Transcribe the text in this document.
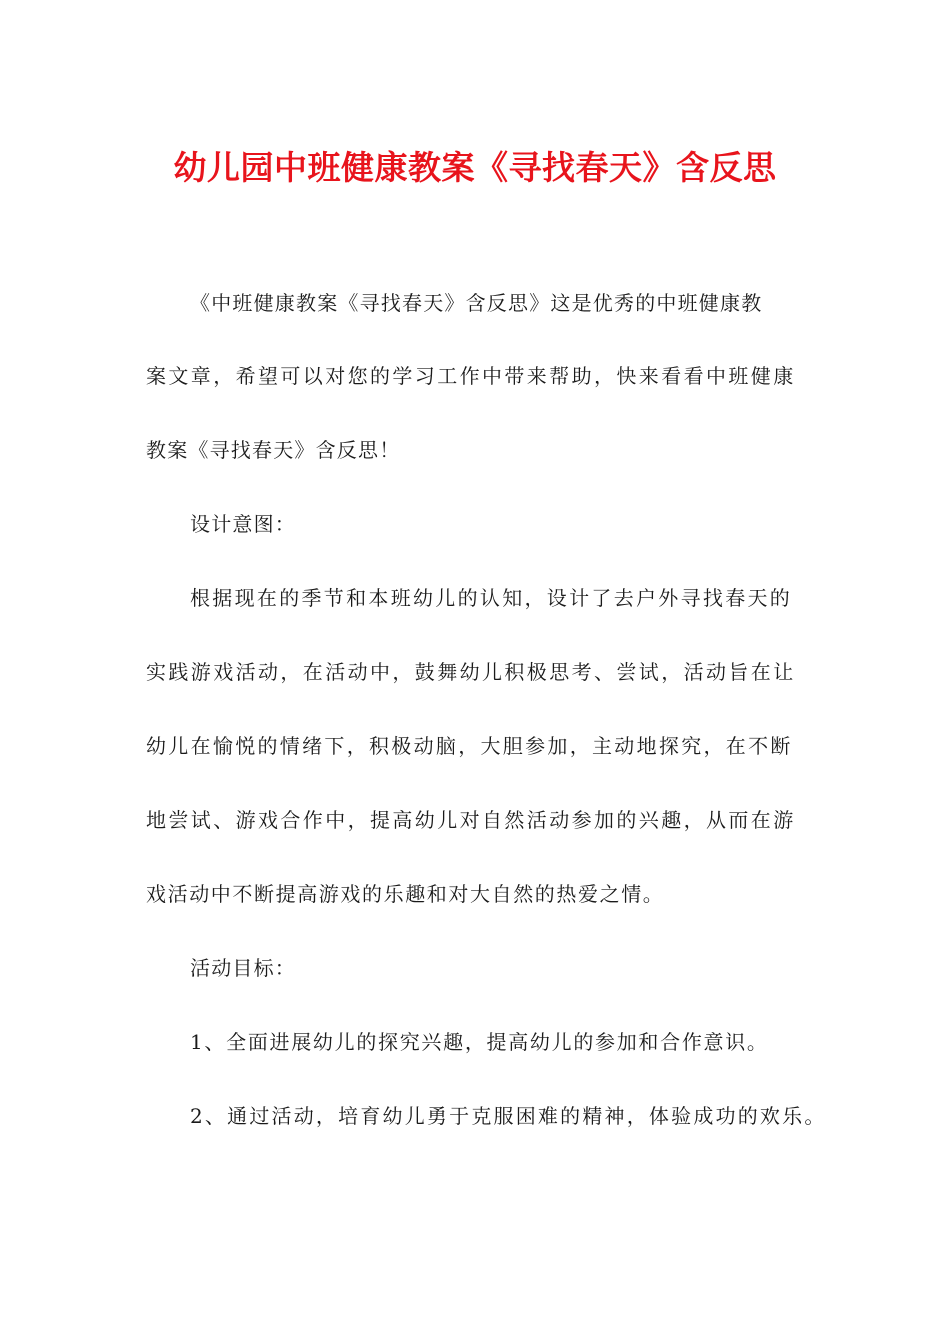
幼儿园中班健康教案《寻找春天》含反思

《中班健康教案《寻找春天》含反思》这是优秀的中班健康教

案文章，希望可以对您的学习工作中带来帮助，快来看看中班健康

教案《寻找春天》含反思！

设计意图：

根据现在的季节和本班幼儿的认知，设计了去户外寻找春天的

实践游戏活动，在活动中，鼓舞幼儿积极思考、尝试，活动旨在让

幼儿在愉悦的情绪下，积极动脑，大胆参加，主动地探究，在不断

地尝试、游戏合作中，提高幼儿对自然活动参加的兴趣，从而在游

戏活动中不断提高游戏的乐趣和对大自然的热爱之情。

活动目标：

1、全面进展幼儿的探究兴趣，提高幼儿的参加和合作意识。

2、通过活动，培育幼儿勇于克服困难的精神，体验成功的欢乐。
